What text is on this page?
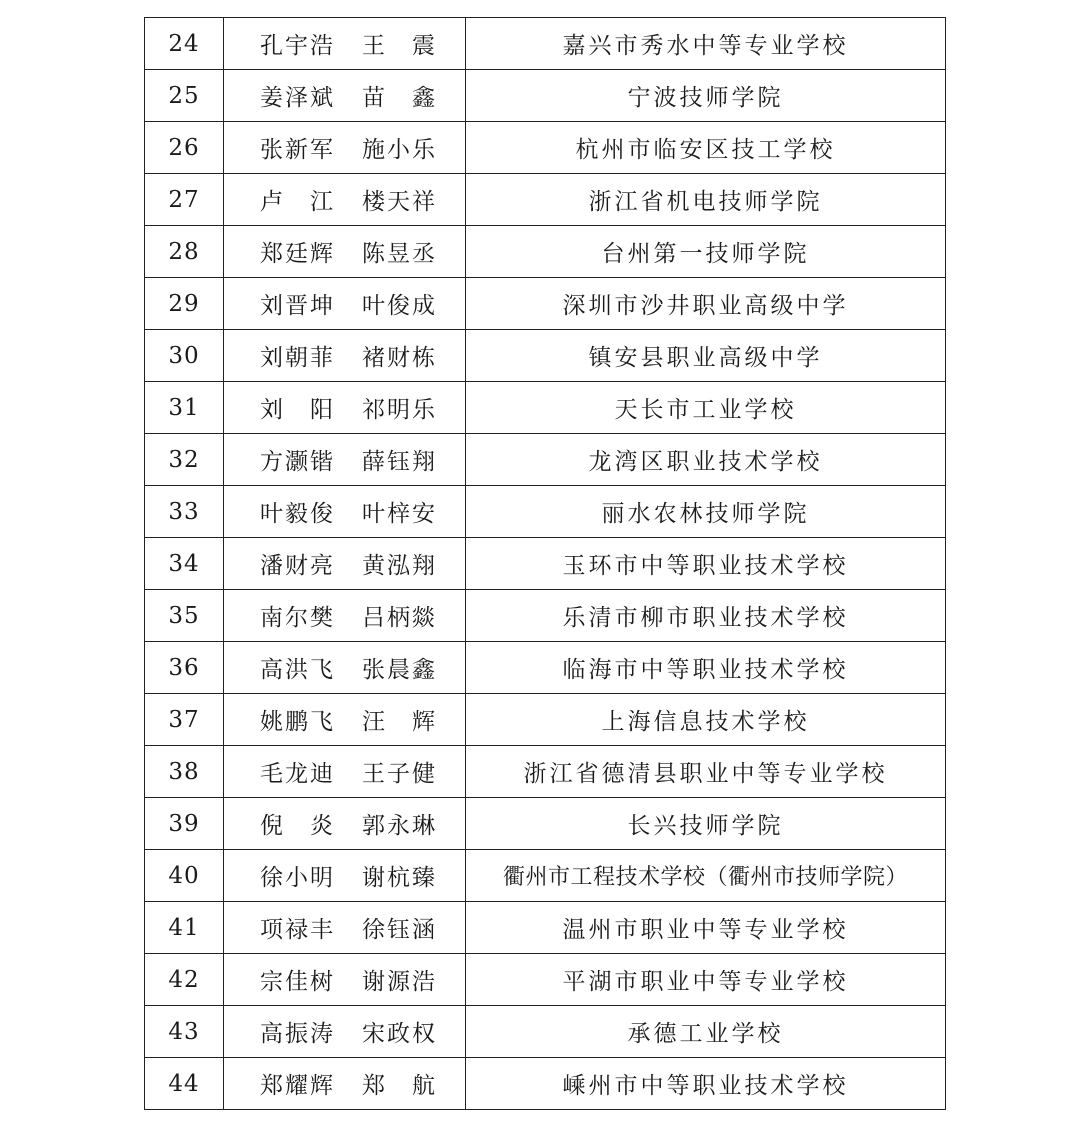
24	孔宇浩 王　震	嘉兴市秀水中等专业学校
25	姜泽斌 苗　鑫	宁波技师学院
26	张新军 施小乐	杭州市临安区技工学校
27	卢　江 楼天祥	浙江省机电技师学院
28	郑廷辉 陈昱丞	台州第一技师学院
29	刘晋坤 叶俊成	深圳市沙井职业高级中学
30	刘朝菲 褚财栋	镇安县职业高级中学
31	刘　阳 祁明乐	天长市工业学校
32	方灏锴 薛钰翔	龙湾区职业技术学校
33	叶毅俊 叶梓安	丽水农林技师学院
34	潘财亮 黄泓翔	玉环市中等职业技术学校
35	南尔樊 吕柄燚	乐清市柳市职业技术学校
36	高洪飞 张晨鑫	临海市中等职业技术学校
37	姚鹏飞 汪　辉	上海信息技术学校
38	毛龙迪 王子健	浙江省德清县职业中等专业学校
39	倪　炎 郭永琳	长兴技师学院
40	徐小明 谢杭臻	衢州市工程技术学校（衢州市技师学院）
41	项禄丰 徐钰涵	温州市职业中等专业学校
42	宗佳树 谢源浩	平湖市职业中等专业学校
43	高振涛 宋政权	承德工业学校
44	郑耀辉 郑　航	嵊州市中等职业技术学校
